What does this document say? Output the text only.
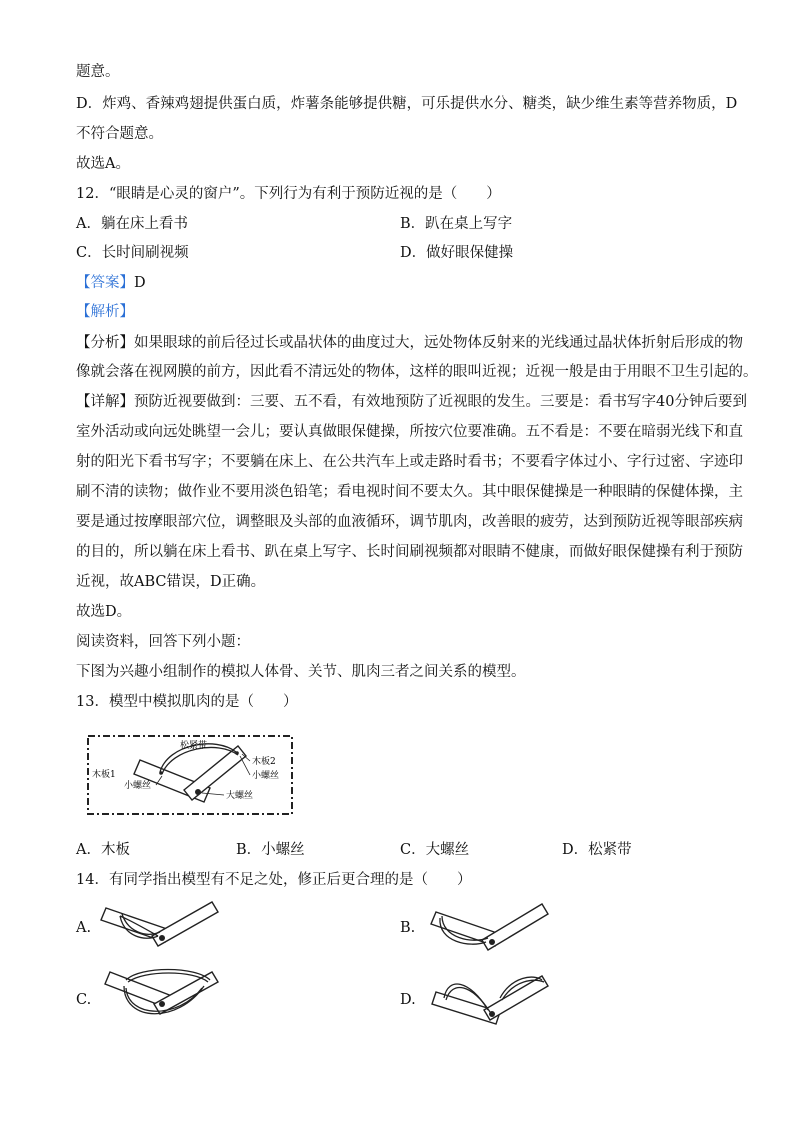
题意。
D．炸鸡、香辣鸡翅提供蛋白质，炸薯条能够提供糖，可乐提供水分、糖类，缺少维生素等营养物质，D
不符合题意。
故选A。
12．“眼睛是心灵的窗户”。下列行为有利于预防近视的是（　　）
A．躺在床上看书	B．趴在桌上写字
C．长时间刷视频	D．做好眼保健操
【答案】D
【解析】
【分析】如果眼球的前后径过长或晶状体的曲度过大，远处物体反射来的光线通过晶状体折射后形成的物
像就会落在视网膜的前方，因此看不清远处的物体，这样的眼叫近视；近视一般是由于用眼不卫生引起的。
【详解】预防近视要做到：三要、五不看，有效地预防了近视眼的发生。三要是：看书写字40分钟后要到
室外活动或向远处眺望一会儿；要认真做眼保健操，所按穴位要准确。五不看是：不要在暗弱光线下和直
射的阳光下看书写字；不要躺在床上、在公共汽车上或走路时看书；不要看字体过小、字行过密、字迹印
刷不清的读物；做作业不要用淡色铅笔；看电视时间不要太久。其中眼保健操是一种眼睛的保健体操，主
要是通过按摩眼部穴位，调整眼及头部的血液循环，调节肌肉，改善眼的疲劳，达到预防近视等眼部疾病
的目的，所以躺在床上看书、趴在桌上写字、长时间刷视频都对眼睛不健康，而做好眼保健操有利于预防
近视，故ABC错误，D正确。
故选D。
阅读资料，回答下列小题：
下图为兴趣小组制作的模拟人体骨、关节、肌肉三者之间关系的模型。
13．模型中模拟肌肉的是（　　）
松紧带
木板1
木板2
小螺丝
小螺丝
大螺丝
A．木板	B．小螺丝	C．大螺丝	D．松紧带
14．有同学指出模型有不足之处，修正后更合理的是（　　）
A.	B.
C.	D.
